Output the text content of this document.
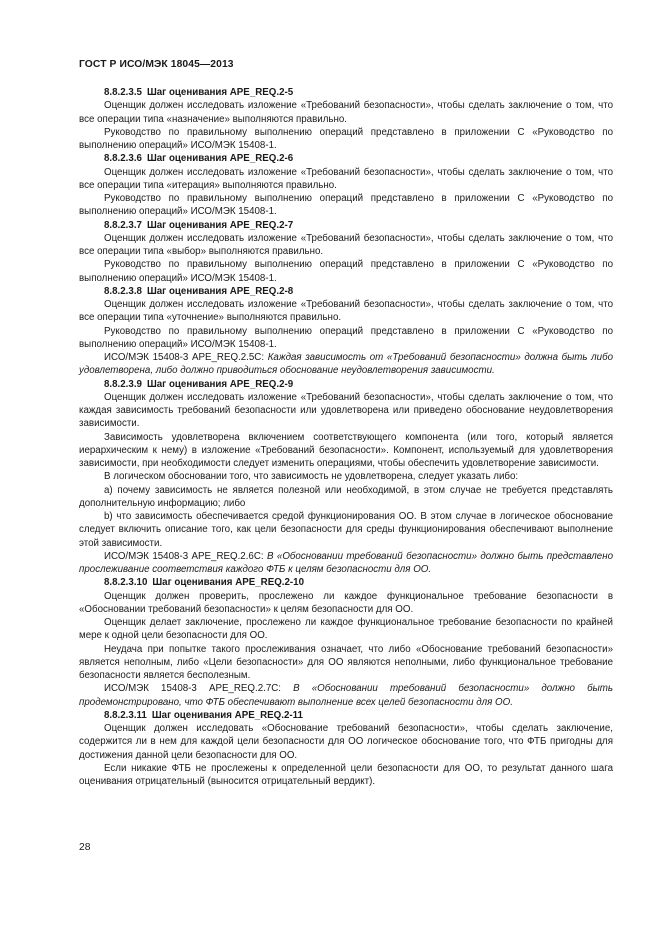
ГОСТ Р ИСО/МЭК 18045—2013

8.8.2.3.5 Шаг оценивания APE_REQ.2-5

Оценщик должен исследовать изложение «Требований безопасности», чтобы сделать заключение о том, что все операции типа «назначение» выполняются правильно.

Руководство по правильному выполнению операций представлено в приложении С «Руководство по выполнению операций» ИСО/МЭК 15408-1.

8.8.2.3.6 Шаг оценивания APE_REQ.2-6

Оценщик должен исследовать изложение «Требований безопасности», чтобы сделать заключение о том, что все операции типа «итерация» выполняются правильно.

Руководство по правильному выполнению операций представлено в приложении С «Руководство по выполнению операций» ИСО/МЭК 15408-1.

8.8.2.3.7 Шаг оценивания APE_REQ.2-7

Оценщик должен исследовать изложение «Требований безопасности», чтобы сделать заключение о том, что все операции типа «выбор» выполняются правильно.

Руководство по правильному выполнению операций представлено в приложении С «Руководство по выполнению операций» ИСО/МЭК 15408-1.

8.8.2.3.8 Шаг оценивания APE_REQ.2-8

Оценщик должен исследовать изложение «Требований безопасности», чтобы сделать заключение о том, что все операции типа «уточнение» выполняются правильно.

Руководство по правильному выполнению операций представлено в приложении С «Руководство по выполнению операций» ИСО/МЭК 15408-1.

ИСО/МЭК 15408-3 APE_REQ.2.5C: Каждая зависимость от «Требований безопасности» должна быть либо удовлетворена, либо должно приводиться обоснование неудовлетворения зависимости.

8.8.2.3.9 Шаг оценивания APE_REQ.2-9

Оценщик должен исследовать изложение «Требований безопасности», чтобы сделать заключение о том, что каждая зависимость требований безопасности или удовлетворена или приведено обоснование неудовлетворения зависимости.

Зависимость удовлетворена включением соответствующего компонента (или того, который является иерархическим к нему) в изложение «Требований безопасности». Компонент, используемый для удовлетворения зависимости, при необходимости следует изменить операциями, чтобы обеспечить удовлетворение зависимости.

В логическом обосновании того, что зависимость не удовлетворена, следует указать либо:

а) почему зависимость не является полезной или необходимой, в этом случае не требуется представлять дополнительную информацию; либо

b) что зависимость обеспечивается средой функционирования ОО. В этом случае в логическое обоснование следует включить описание того, как цели безопасности для среды функционирования обеспечивают выполнение этой зависимости.

ИСО/МЭК 15408-3 APE_REQ.2.6C: В «Обосновании требований безопасности» должно быть представлено прослеживание соответствия каждого ФТБ к целям безопасности для ОО.

8.8.2.3.10 Шаг оценивания APE_REQ.2-10

Оценщик должен проверить, прослежено ли каждое функциональное требование безопасности в «Обосновании требований безопасности» к целям безопасности для ОО.

Оценщик делает заключение, прослежено ли каждое функциональное требование безопасности по крайней мере к одной цели безопасности для ОО.

Неудача при попытке такого прослеживания означает, что либо «Обоснование требований безопасности» является неполным, либо «Цели безопасности» для ОО являются неполными, либо функциональное требование безопасности является бесполезным.

ИСО/МЭК 15408-3 APE_REQ.2.7C: В «Обосновании требований безопасности» должно быть продемонстрировано, что ФТБ обеспечивают выполнение всех целей безопасности для ОО.

8.8.2.3.11 Шаг оценивания APE_REQ.2-11

Оценщик должен исследовать «Обоснование требований безопасности», чтобы сделать заключение, содержится ли в нем для каждой цели безопасности для ОО логическое обоснование того, что ФТБ пригодны для достижения данной цели безопасности для ОО.

Если никакие ФТБ не прослежены к определенной цели безопасности для ОО, то результат данного шага оценивания отрицательный (выносится отрицательный вердикт).

28
